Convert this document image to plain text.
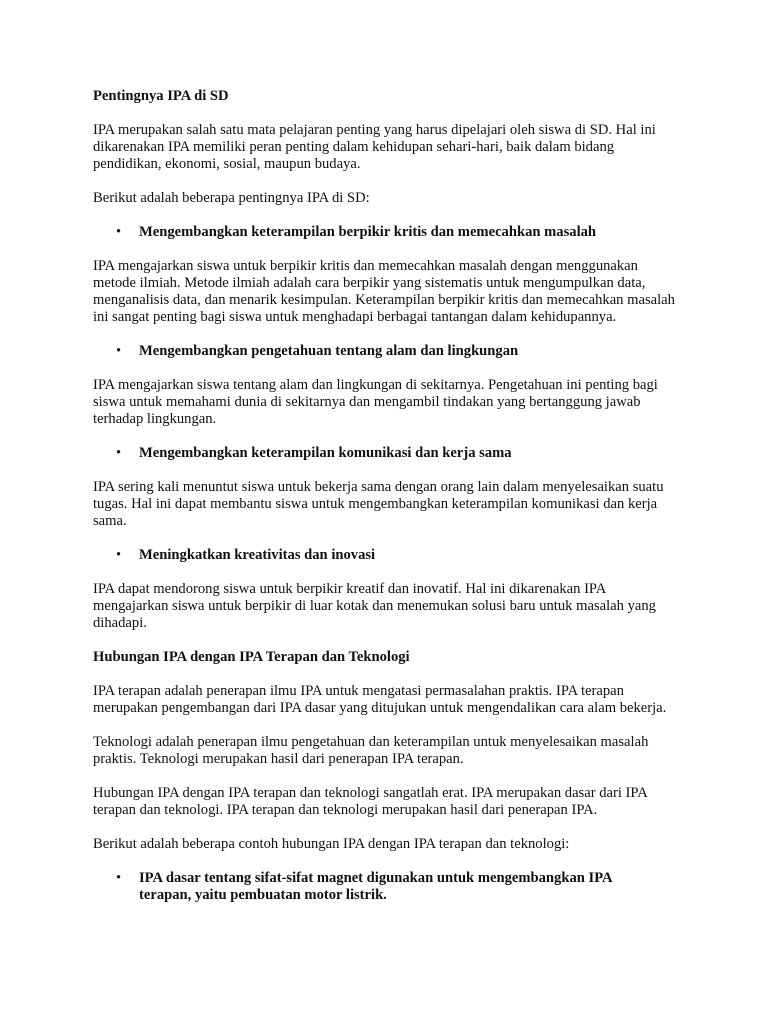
Pentingnya IPA di SD

IPA merupakan salah satu mata pelajaran penting yang harus dipelajari oleh siswa di SD. Hal ini dikarenakan IPA memiliki peran penting dalam kehidupan sehari-hari, baik dalam bidang pendidikan, ekonomi, sosial, maupun budaya.

Berikut adalah beberapa pentingnya IPA di SD:

• Mengembangkan keterampilan berpikir kritis dan memecahkan masalah

IPA mengajarkan siswa untuk berpikir kritis dan memecahkan masalah dengan menggunakan metode ilmiah. Metode ilmiah adalah cara berpikir yang sistematis untuk mengumpulkan data, menganalisis data, dan menarik kesimpulan. Keterampilan berpikir kritis dan memecahkan masalah ini sangat penting bagi siswa untuk menghadapi berbagai tantangan dalam kehidupannya.

• Mengembangkan pengetahuan tentang alam dan lingkungan

IPA mengajarkan siswa tentang alam dan lingkungan di sekitarnya. Pengetahuan ini penting bagi siswa untuk memahami dunia di sekitarnya dan mengambil tindakan yang bertanggung jawab terhadap lingkungan.

• Mengembangkan keterampilan komunikasi dan kerja sama

IPA sering kali menuntut siswa untuk bekerja sama dengan orang lain dalam menyelesaikan suatu tugas. Hal ini dapat membantu siswa untuk mengembangkan keterampilan komunikasi dan kerja sama.

• Meningkatkan kreativitas dan inovasi

IPA dapat mendorong siswa untuk berpikir kreatif dan inovatif. Hal ini dikarenakan IPA mengajarkan siswa untuk berpikir di luar kotak dan menemukan solusi baru untuk masalah yang dihadapi.

Hubungan IPA dengan IPA Terapan dan Teknologi

IPA terapan adalah penerapan ilmu IPA untuk mengatasi permasalahan praktis. IPA terapan merupakan pengembangan dari IPA dasar yang ditujukan untuk mengendalikan cara alam bekerja.

Teknologi adalah penerapan ilmu pengetahuan dan keterampilan untuk menyelesaikan masalah praktis. Teknologi merupakan hasil dari penerapan IPA terapan.

Hubungan IPA dengan IPA terapan dan teknologi sangatlah erat. IPA merupakan dasar dari IPA terapan dan teknologi. IPA terapan dan teknologi merupakan hasil dari penerapan IPA.

Berikut adalah beberapa contoh hubungan IPA dengan IPA terapan dan teknologi:

• IPA dasar tentang sifat-sifat magnet digunakan untuk mengembangkan IPA terapan, yaitu pembuatan motor listrik.
